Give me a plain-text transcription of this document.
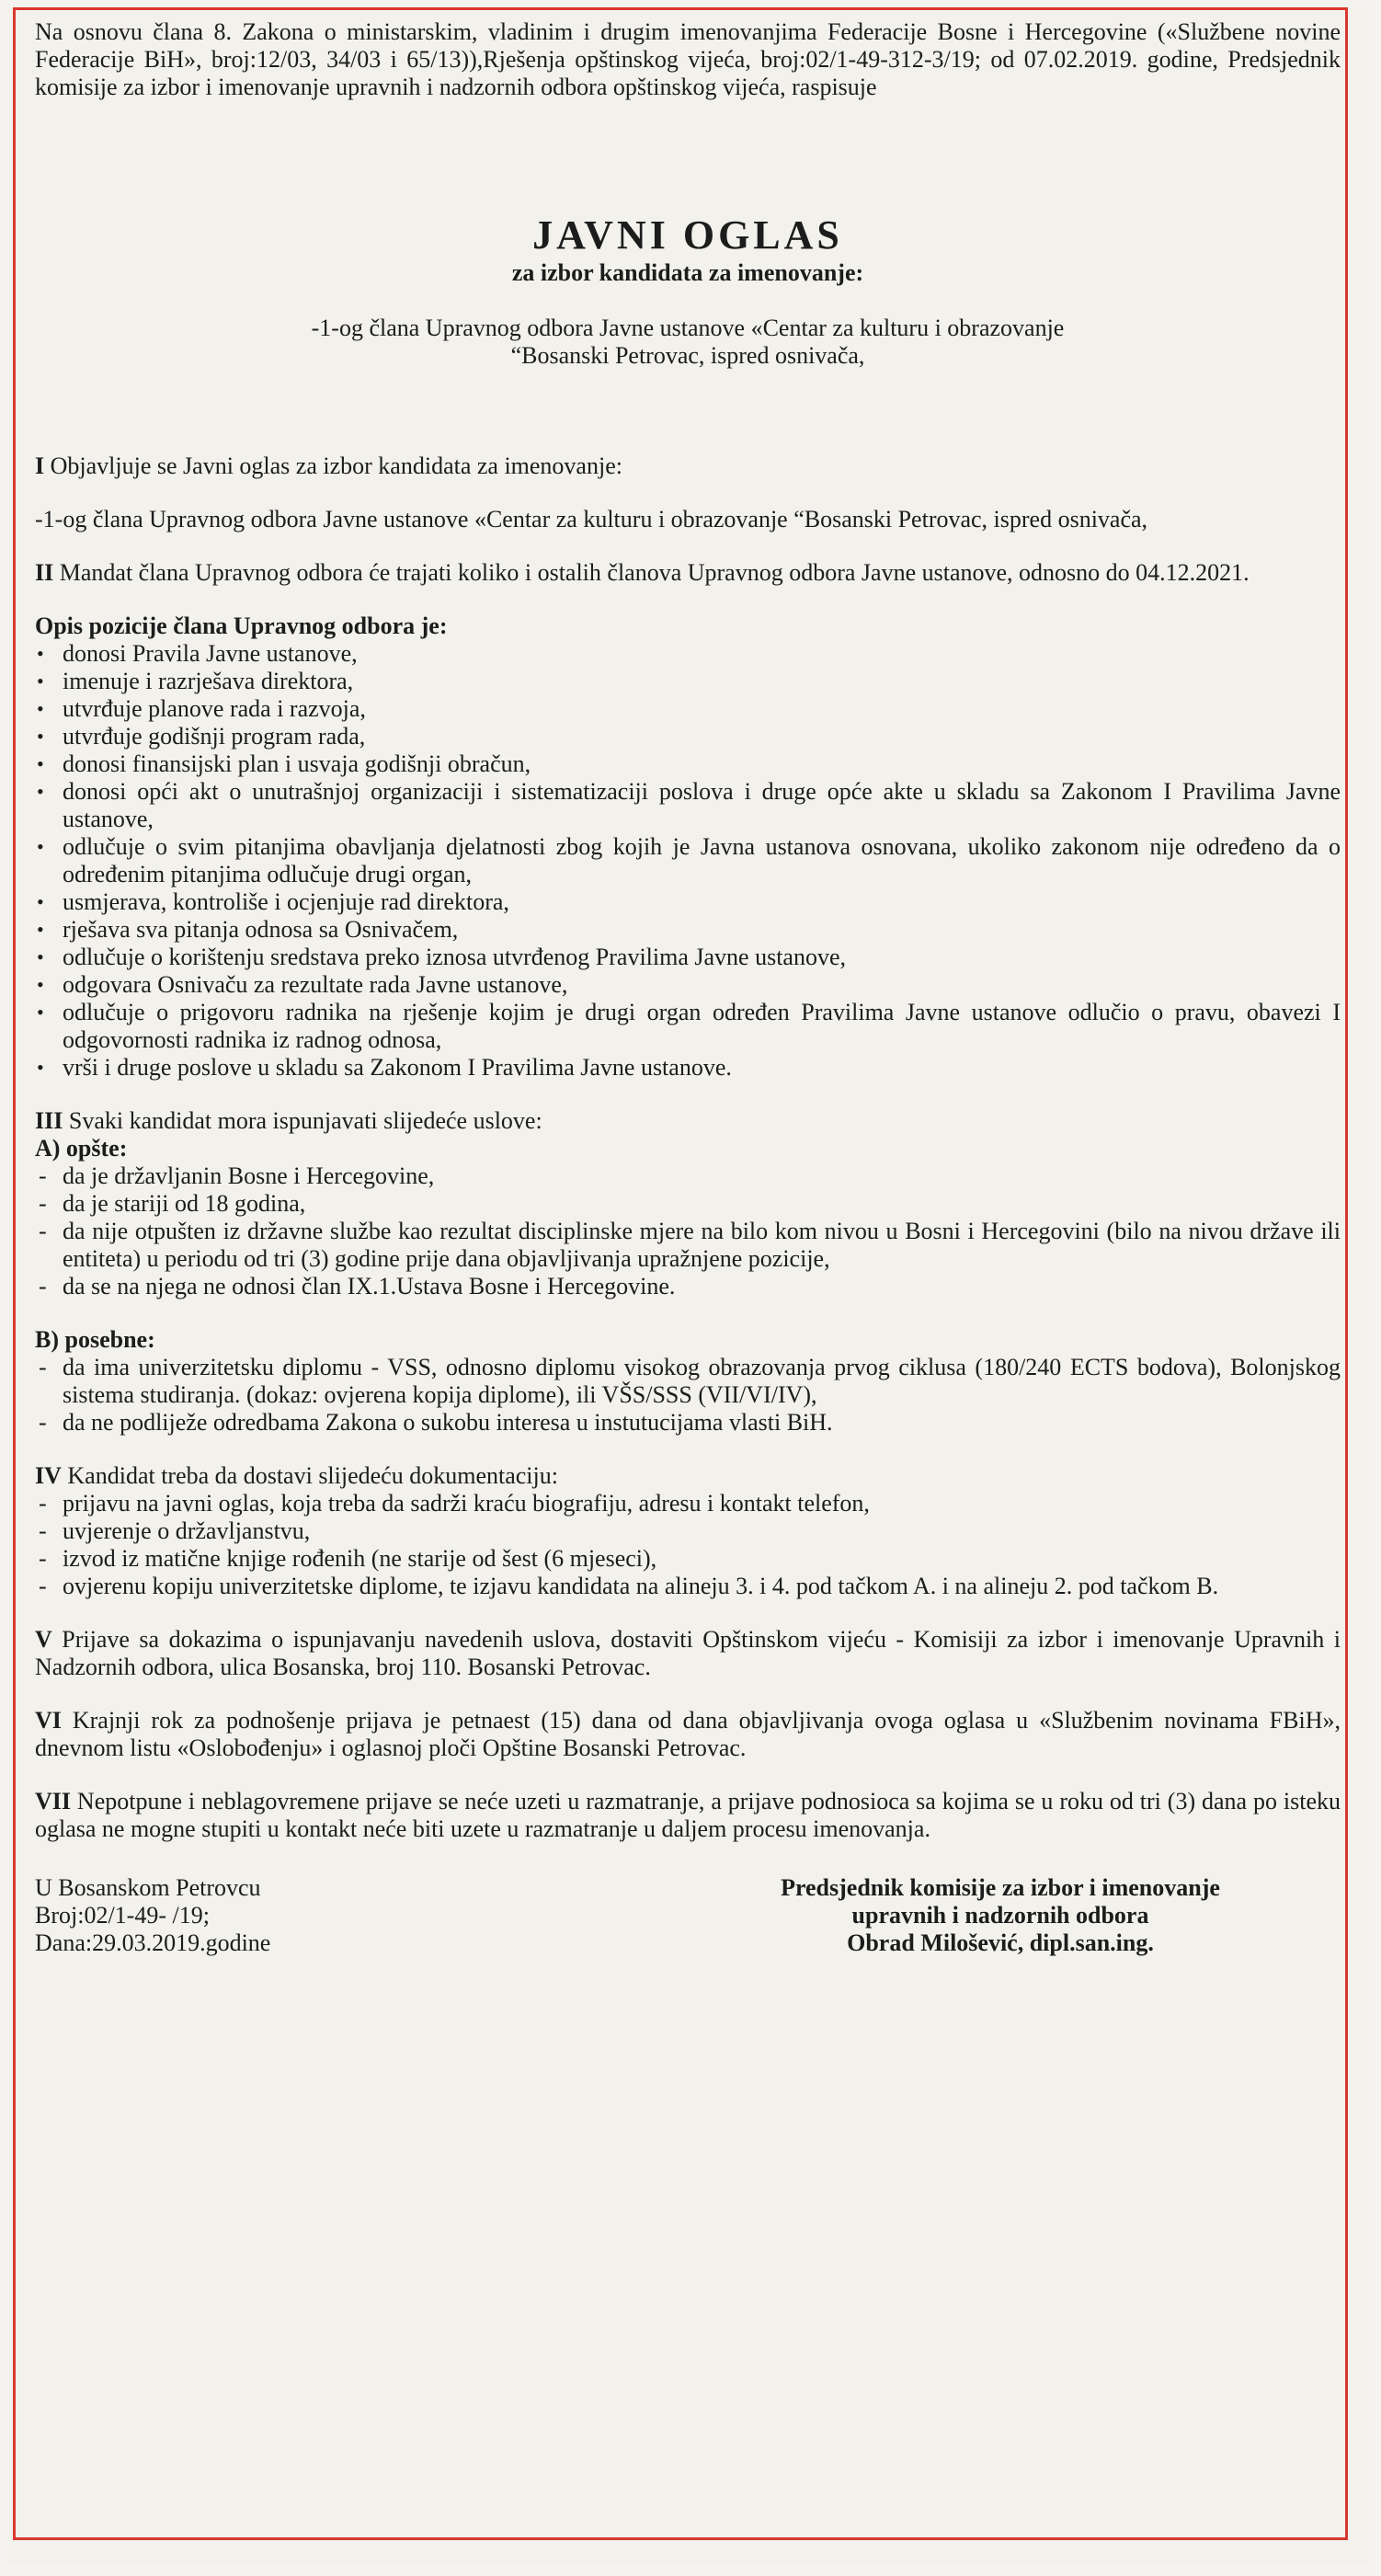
Na osnovu člana 8. Zakona o ministarskim, vladinim i drugim imenovanjima Federacije Bosne i Hercegovine («Službene novine Federacije BiH», broj:12/03, 34/03 i 65/13)),Rješenja opštinskog vijeća, broj:02/1-49-312-3/19; od 07.02.2019. godine, Predsjednik komisije za izbor i imenovanje upravnih i nadzornih odbora opštinskog vijeća, raspisuje

JAVNI OGLAS

za izbor kandidata za imenovanje:

-1-og člana Upravnog odbora Javne ustanove «Centar za kulturu i obrazovanje

“Bosanski Petrovac, ispred osnivača,

I Objavljuje se Javni oglas za izbor kandidata za imenovanje:

-1-og člana Upravnog odbora Javne ustanove «Centar za kulturu i obrazovanje “Bosanski Petrovac, ispred osnivača,

II Mandat člana Upravnog odbora će trajati koliko i ostalih članova Upravnog odbora Javne ustanove, odnosno do 04.12.2021.

Opis pozicije člana Upravnog odbora je:

• donosi Pravila Javne ustanove,
• imenuje i razrješava direktora,
• utvrđuje planove rada i razvoja,
• utvrđuje godišnji program rada,
• donosi finansijski plan i usvaja godišnji obračun,
• donosi opći akt o unutrašnjoj organizaciji i sistematizaciji poslova i druge opće akte u skladu sa Zakonom I Pravilima Javne ustanove,
• odlučuje o svim pitanjima obavljanja djelatnosti zbog kojih je Javna ustanova osnovana, ukoliko zakonom nije određeno da o određenim pitanjima odlučuje drugi organ,
• usmjerava, kontroliše i ocjenjuje rad direktora,
• rješava sva pitanja odnosa sa Osnivačem,
• odlučuje o korištenju sredstava preko iznosa utvrđenog Pravilima Javne ustanove,
• odgovara Osnivaču za rezultate rada Javne ustanove,
• odlučuje o prigovoru radnika na rješenje kojim je drugi organ određen Pravilima Javne ustanove odlučio o pravu, obavezi I odgovornosti radnika iz radnog odnosa,
• vrši i druge poslove u skladu sa Zakonom I Pravilima Javne ustanove.

III Svaki kandidat mora ispunjavati slijedeće uslove:

A) opšte:

- da je državljanin Bosne i Hercegovine,
- da je stariji od 18 godina,
- da nije otpušten iz državne službe kao rezultat disciplinske mjere na bilo kom nivou u Bosni i Hercegovini (bilo na nivou države ili entiteta) u periodu od tri (3) godine prije dana objavljivanja upražnjene pozicije,
- da se na njega ne odnosi član IX.1.Ustava Bosne i Hercegovine.

B) posebne:

- da ima univerzitetsku diplomu - VSS, odnosno diplomu visokog obrazovanja prvog ciklusa (180/240 ECTS bodova), Bolonjskog sistema studiranja. (dokaz: ovjerena kopija diplome), ili VŠS/SSS (VII/VI/IV),
- da ne podliježe odredbama Zakona o sukobu interesa u instutucijama vlasti BiH.

IV Kandidat treba da dostavi slijedeću dokumentaciju:

- prijavu na javni oglas, koja treba da sadrži kraću biografiju, adresu i kontakt telefon,
- uvjerenje o državljanstvu,
- izvod iz matične knjige rođenih (ne starije od šest (6 mjeseci),
- ovjerenu kopiju univerzitetske diplome, te izjavu kandidata na alineju 3. i 4. pod tačkom A. i na alineju 2. pod tačkom B.

V Prijave sa dokazima o ispunjavanju navedenih uslova, dostaviti Opštinskom vijeću - Komisiji za izbor i imenovanje Upravnih i Nadzornih odbora, ulica Bosanska, broj 110. Bosanski Petrovac.

VI Krajnji rok za podnošenje prijava je petnaest (15) dana od dana objavljivanja ovoga oglasa u «Službenim novinama FBiH», dnevnom listu «Oslobođenju» i oglasnoj ploči Opštine Bosanski Petrovac.

VII Nepotpune i neblagovremene prijave se neće uzeti u razmatranje, a prijave podnosioca sa kojima se u roku od tri (3) dana po isteku oglasa ne mogne stupiti u kontakt neće biti uzete u razmatranje u daljem procesu imenovanja.

U Bosanskom Petrovcu

Broj:02/1-49- /19;

Dana:29.03.2019.godine

Predsjednik komisije za izbor i imenovanje

upravnih i nadzornih odbora

Obrad Milošević, dipl.san.ing.
